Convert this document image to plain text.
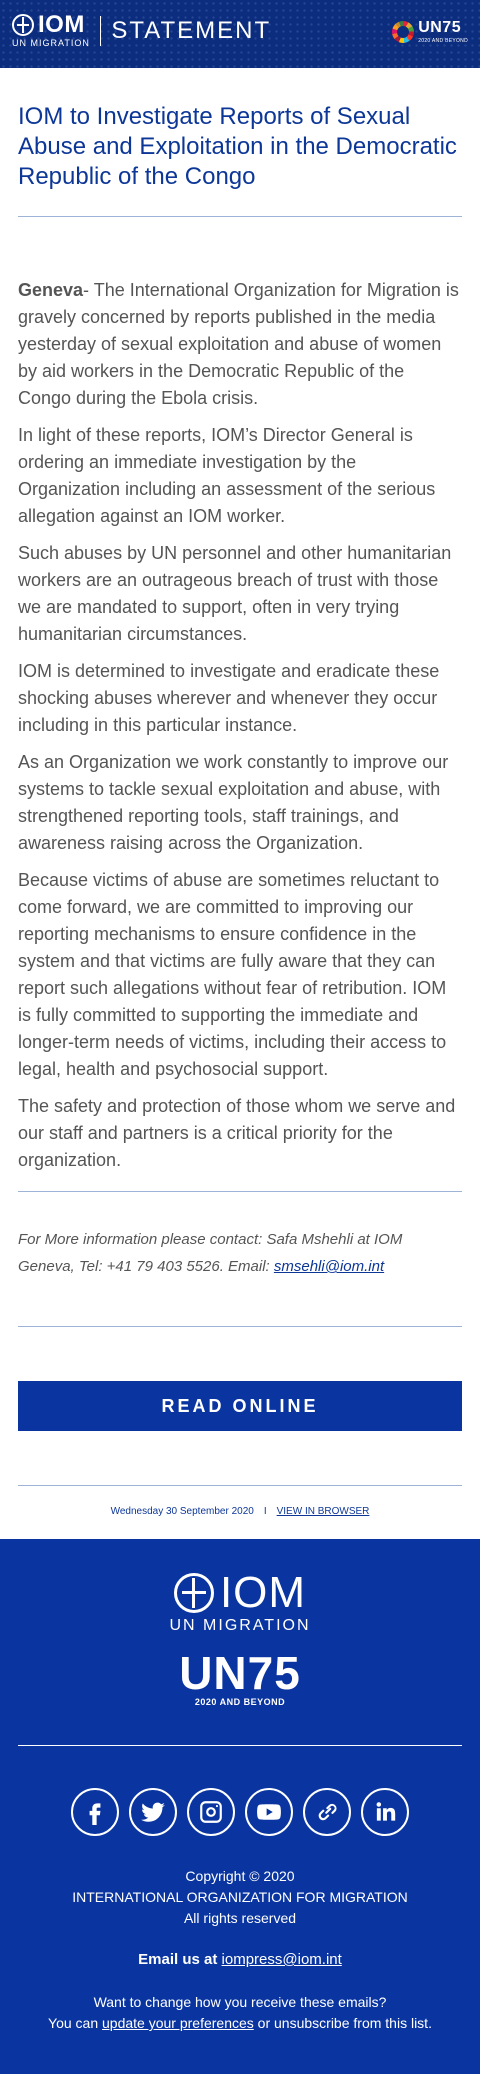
IOM
UN MIGRATION STATEMENT	UN75
2020 AND BEYOND
IOM to Investigate Reports of Sexual Abuse and Exploitation in the Democratic Republic of the Congo

Geneva- The International Organization for Migration is gravely concerned by reports published in the media yesterday of sexual exploitation and abuse of women by aid workers in the Democratic Republic of the Congo during the Ebola crisis.

In light of these reports, IOM’s Director General is ordering an immediate investigation by the Organization including an assessment of the serious allegation against an IOM worker.

Such abuses by UN personnel and other humanitarian workers are an outrageous breach of trust with those we are mandated to support, often in very trying humanitarian circumstances.

IOM is determined to investigate and eradicate these shocking abuses wherever and whenever they occur including in this particular instance.

As an Organization we work constantly to improve our systems to tackle sexual exploitation and abuse, with strengthened reporting tools, staff trainings, and awareness raising across the Organization.

Because victims of abuse are sometimes reluctant to come forward, we are committed to improving our reporting mechanisms to ensure confidence in the system and that victims are fully aware that they can report such allegations without fear of retribution. IOM is fully committed to supporting the immediate and longer-term needs of victims, including their access to legal, health and psychosocial support.

The safety and protection of those whom we serve and our staff and partners is a critical priority for the organization.

For More information please contact: Safa Mshehli at IOM Geneva, Tel: +41 79 403 5526. Email: smsehli@iom.int

READ ONLINE
Wednesday 30 September 2020 I VIEW IN BROWSER
IOM
UN MIGRATION
UN75
2020 AND BEYOND
Copyright © 2020
INTERNATIONAL ORGANIZATION FOR MIGRATION
All rights reserved
Email us at iompress@iom.int
Want to change how you receive these emails?
You can update your preferences or unsubscribe from this list.
